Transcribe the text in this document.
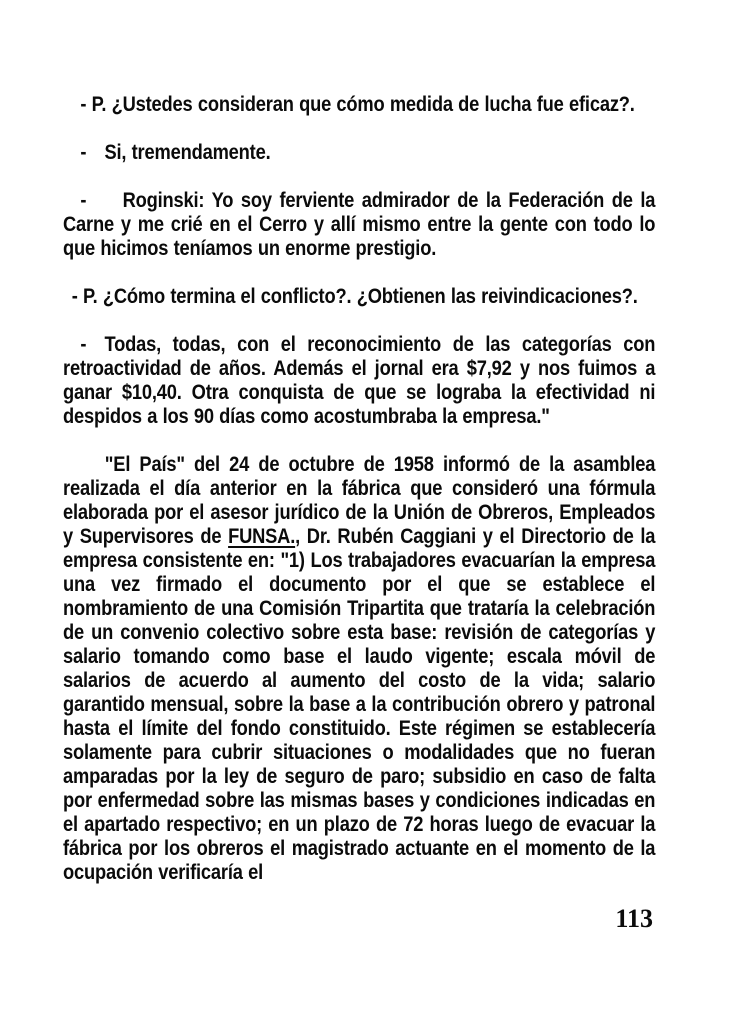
- P. ¿Ustedes consideran que cómo medida de lucha fue eficaz?.

- Si, tremendamente.

-  Roginski: Yo soy ferviente admirador de la Federación de la Carne y me crié en el Cerro y allí mismo entre la gente con todo lo que hicimos teníamos un enorme prestigio.

- P. ¿Cómo termina el conflicto?. ¿Obtienen las reivindicaciones?.

- Todas, todas, con el reconocimiento de las categorías con retroactividad de años. Además el jornal era $7,92 y nos fuimos a ganar $10,40. Otra conquista de que se lograba la efectividad ni despidos a los 90 días como acostumbraba la empresa."

"El País" del 24 de octubre de 1958 informó de la asamblea realizada el día anterior en la fábrica que consideró una fórmula elaborada por el asesor jurídico de la Unión de Obreros, Empleados y Supervisores de FUNSA., Dr. Rubén Caggiani y el Directorio de la empresa consistente en: "1) Los trabajadores evacuarían la empresa una vez firmado el documento por el que se establece el nombramiento de una Comisión Tripartita que trataría la celebración de un convenio colectivo sobre esta base: revisión de categorías y salario tomando como base el laudo vigente; escala móvil de salarios de acuerdo al aumento del costo de la vida; salario garantido mensual, sobre la base a la contribución obrero y patronal hasta el límite del fondo constituido. Este régimen se establecería solamente para cubrir situaciones o modalidades que no fueran amparadas por la ley de seguro de paro; subsidio en caso de falta por enfermedad sobre las mismas bases y condiciones indicadas en el apartado respectivo; en un plazo de 72 horas luego de evacuar la fábrica por los obreros el magistrado actuante en el momento de la ocupación verificaría el

113
